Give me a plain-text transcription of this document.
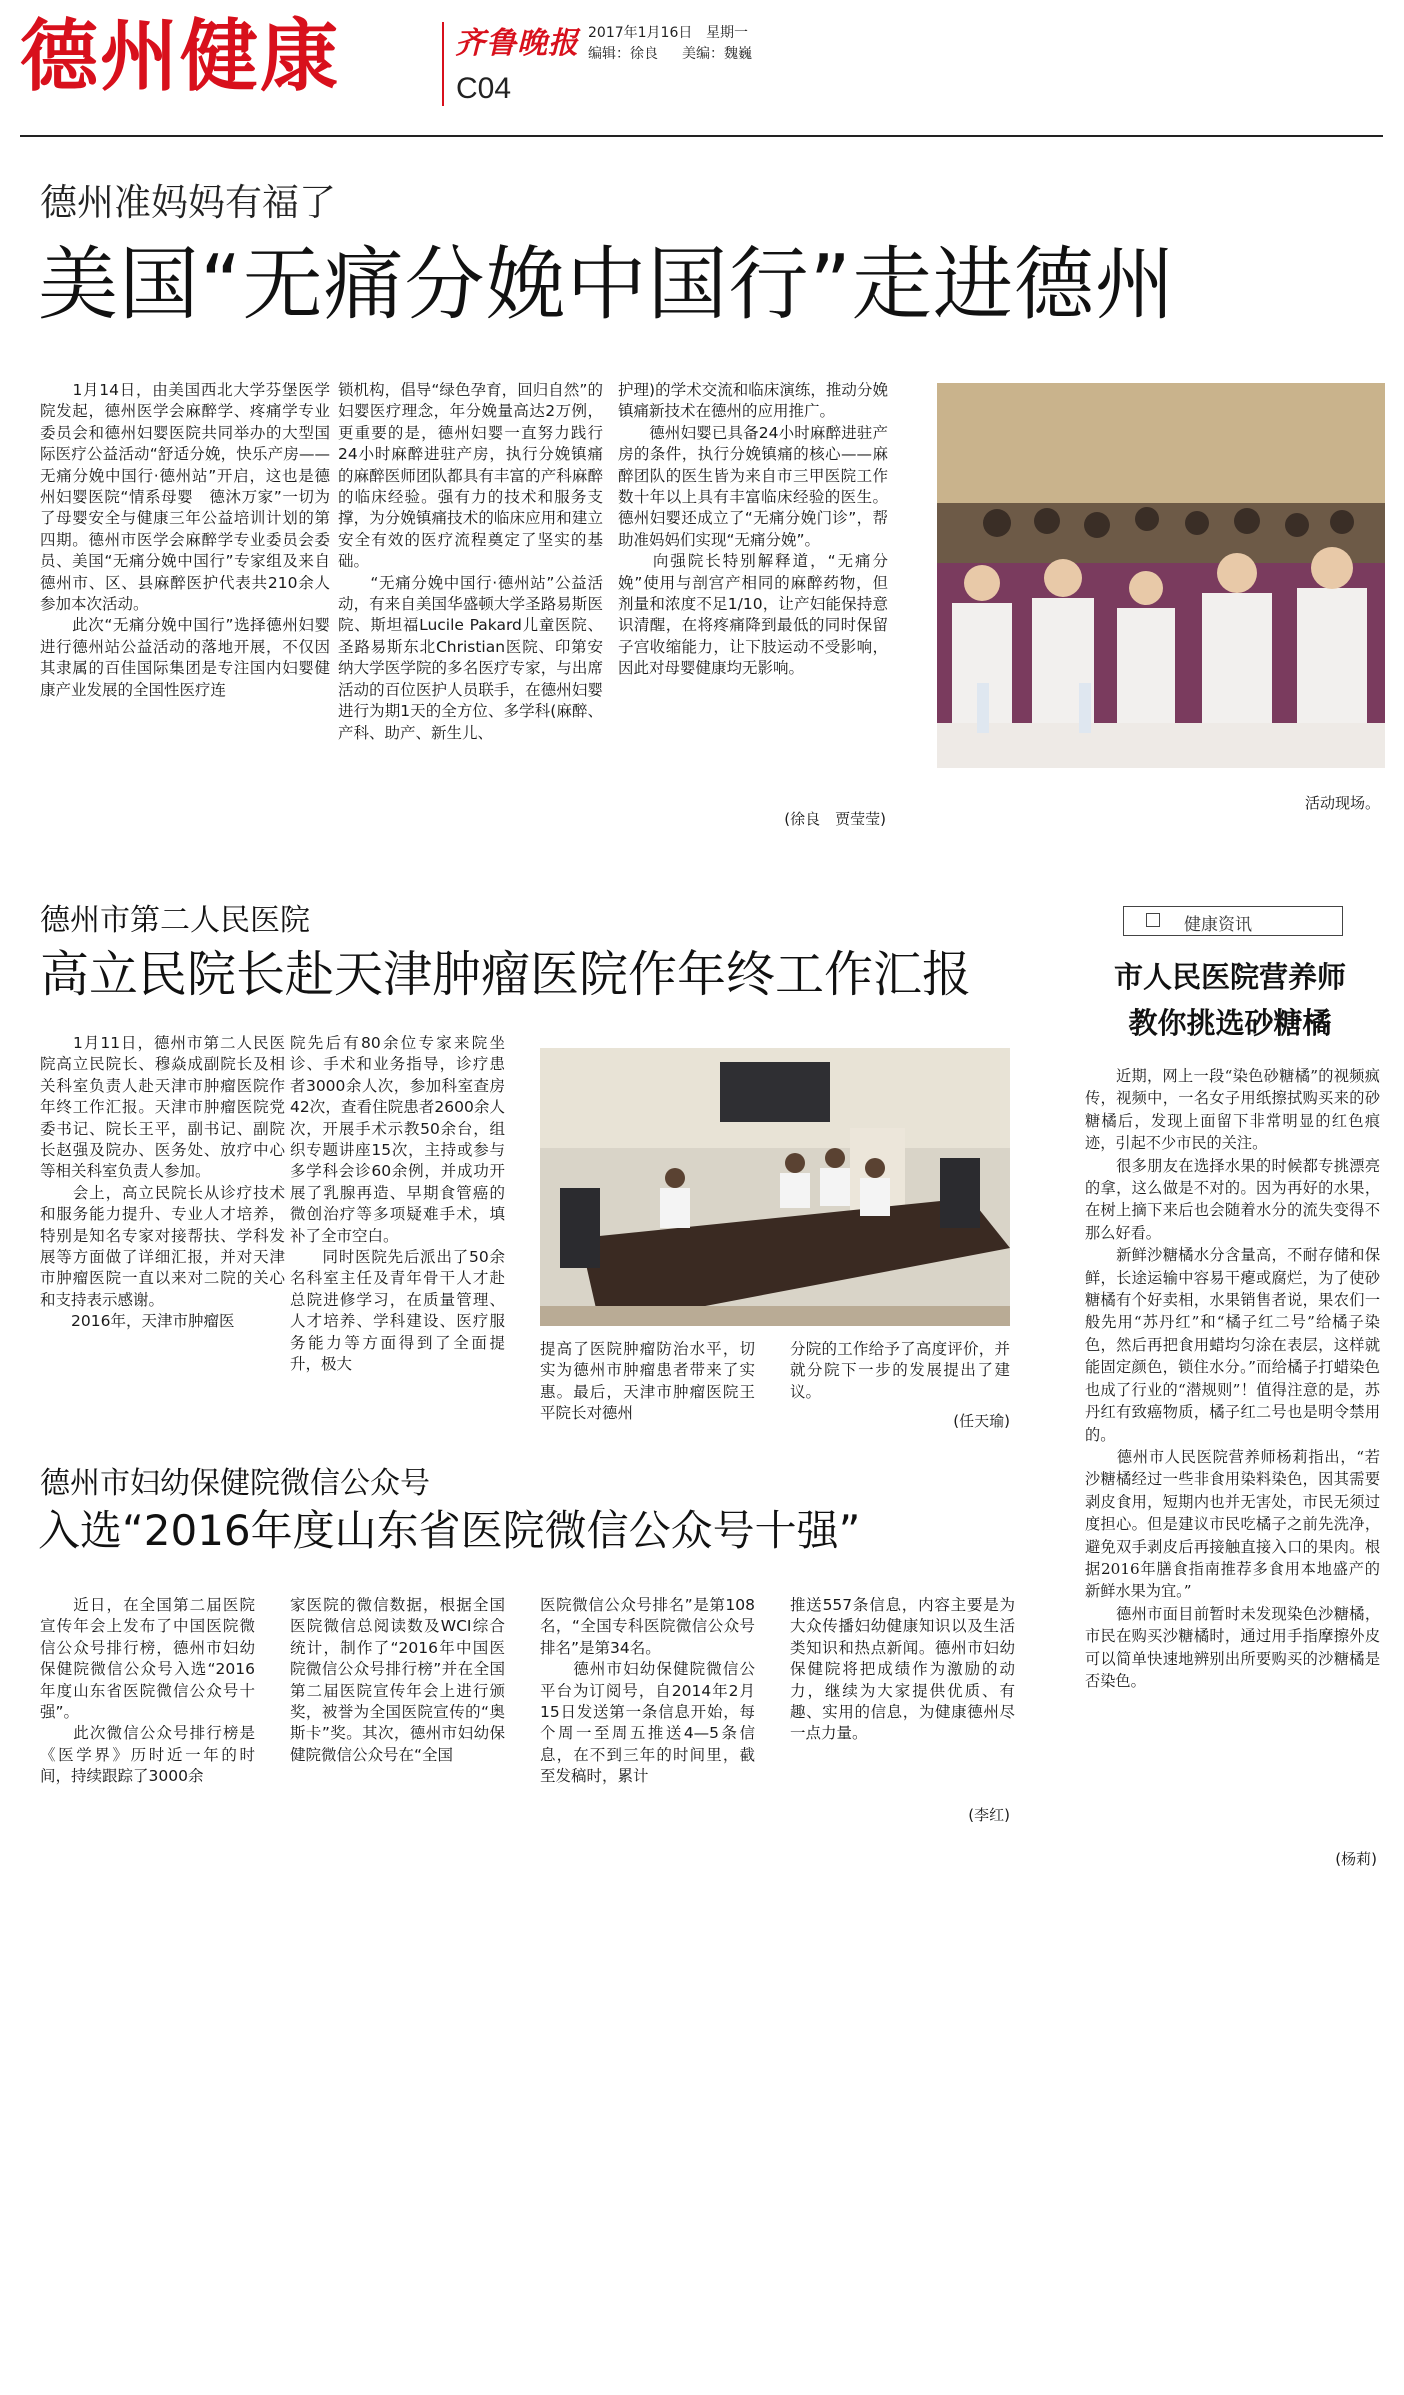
德州健康	齐鲁晚报
C04
2017年1月16日 星期一
编辑：徐良 美编：魏巍
德州准妈妈有福了
美国“无痛分娩中国行”走进德州
　　1月14日，由美国西北大学芬堡医学院发起，德州医学会麻醉学、疼痛学专业委员会和德州妇婴医院共同举办的大型国际医疗公益活动“舒适分娩，快乐产房——无痛分娩中国行·德州站”开启，这也是德州妇婴医院“情系母婴　德沐万家”一切为了母婴安全与健康三年公益培训计划的第四期。德州市医学会麻醉学专业委员会委员、美国“无痛分娩中国行”专家组及来自德州市、区、县麻醉医护代表共210余人参加本次活动。
　　此次“无痛分娩中国行”选择德州妇婴进行德州站公益活动的落地开展，不仅因其隶属的百佳国际集团是专注国内妇婴健康产业发展的全国性医疗连
锁机构，倡导“绿色孕育，回归自然”的妇婴医疗理念，年分娩量高达2万例，更重要的是，德州妇婴一直努力践行24小时麻醉进驻产房，执行分娩镇痛的麻醉医师团队都具有丰富的产科麻醉的临床经验。强有力的技术和服务支撑，为分娩镇痛技术的临床应用和建立安全有效的医疗流程奠定了坚实的基础。
　　“无痛分娩中国行·德州站”公益活动，有来自美国华盛顿大学圣路易斯医院、斯坦福Lucile Pakard儿童医院、圣路易斯东北Christian医院、印第安纳大学医学院的多名医疗专家，与出席活动的百位医护人员联手，在德州妇婴进行为期1天的全方位、多学科(麻醉、产科、助产、新生儿、
护理)的学术交流和临床演练，推动分娩镇痛新技术在德州的应用推广。
　　德州妇婴已具备24小时麻醉进驻产房的条件，执行分娩镇痛的核心——麻醉团队的医生皆为来自市三甲医院工作数十年以上具有丰富临床经验的医生。德州妇婴还成立了“无痛分娩门诊”，帮助准妈妈们实现“无痛分娩”。
　　向强院长特别解释道，“无痛分娩”使用与剖宫产相同的麻醉药物，但剂量和浓度不足1/10，让产妇能保持意识清醒，在将疼痛降到最低的同时保留子宫收缩能力，让下肢运动不受影响，因此对母婴健康均无影响。
(徐良　贾莹莹)
活动现场。
德州市第二人民医院
高立民院长赴天津肿瘤医院作年终工作汇报
　　1月11日，德州市第二人民医院高立民院长、穆焱成副院长及相关科室负责人赴天津市肿瘤医院作年终工作汇报。天津市肿瘤医院党委书记、院长王平，副书记、副院长赵强及院办、医务处、放疗中心等相关科室负责人参加。
　　会上，高立民院长从诊疗技术和服务能力提升、专业人才培养，特别是知名专家对接帮扶、学科发展等方面做了详细汇报，并对天津市肿瘤医院一直以来对二院的关心和支持表示感谢。
　　2016年，天津市肿瘤医
院先后有80余位专家来院坐诊、手术和业务指导，诊疗患者3000余人次，参加科室查房42次，查看住院患者2600余人次，开展手术示教50余台，组织专题讲座15次，主持或参与多学科会诊60余例，并成功开展了乳腺再造、早期食管癌的微创治疗等多项疑难手术，填补了全市空白。
　　同时医院先后派出了50余名科室主任及青年骨干人才赴总院进修学习，在质量管理、人才培养、学科建设、医疗服务能力等方面得到了全面提升，极大
提高了医院肿瘤防治水平，切实为德州市肿瘤患者带来了实惠。最后，天津市肿瘤医院王平院长对德州
分院的工作给予了高度评价，并就分院下一步的发展提出了建议。
(任天瑜)
德州市妇幼保健院微信公众号
入选“2016年度山东省医院微信公众号十强”
　　近日，在全国第二届医院宣传年会上发布了中国医院微信公众号排行榜，德州市妇幼保健院微信公众号入选“2016年度山东省医院微信公众号十强”。
　　此次微信公众号排行榜是《医学界》历时近一年的时间，持续跟踪了3000余
家医院的微信数据，根据全国医院微信总阅读数及WCI综合统计，制作了“2016年中国医院微信公众号排行榜”并在全国第二届医院宣传年会上进行颁奖，被誉为全国医院宣传的“奥斯卡”奖。其次，德州市妇幼保健院微信公众号在“全国
医院微信公众号排名”是第108名，“全国专科医院微信公众号排名”是第34名。
　　德州市妇幼保健院微信公平台为订阅号，自2014年2月15日发送第一条信息开始，每个周一至周五推送4—5条信息，在不到三年的时间里，截至发稿时，累计
推送557条信息，内容主要是为大众传播妇幼健康知识以及生活类知识和热点新闻。德州市妇幼保健院将把成绩作为激励的动力，继续为大家提供优质、有趣、实用的信息，为健康德州尽一点力量。
(李红)
健康资讯
市人民医院营养师
教你挑选砂糖橘
　　近期，网上一段“染色砂糖橘”的视频疯传，视频中，一名女子用纸擦拭购买来的砂糖橘后，发现上面留下非常明显的红色痕迹，引起不少市民的关注。
　　很多朋友在选择水果的时候都专挑漂亮的拿，这么做是不对的。因为再好的水果，在树上摘下来后也会随着水分的流失变得不那么好看。
　　新鲜沙糖橘水分含量高，不耐存储和保鲜，长途运输中容易干瘪或腐烂，为了使砂糖橘有个好卖相，水果销售者说，果农们一般先用“苏丹红”和“橘子红二号”给橘子染色，然后再把食用蜡均匀涂在表层，这样就能固定颜色，锁住水分。”而给橘子打蜡染色也成了行业的“潜规则”！值得注意的是，苏丹红有致癌物质，橘子红二号也是明令禁用的。
　　德州市人民医院营养师杨莉指出，“若沙糖橘经过一些非食用染料染色，因其需要剥皮食用，短期内也并无害处，市民无须过度担心。但是建议市民吃橘子之前先洗净，避免双手剥皮后再接触直接入口的果肉。根据2016年膳食指南推荐多食用本地盛产的新鲜水果为宜。”
　　德州市面目前暂时未发现染色沙糖橘，市民在购买沙糖橘时，通过用手指摩擦外皮可以简单快速地辨别出所要购买的沙糖橘是否染色。
(杨莉)
